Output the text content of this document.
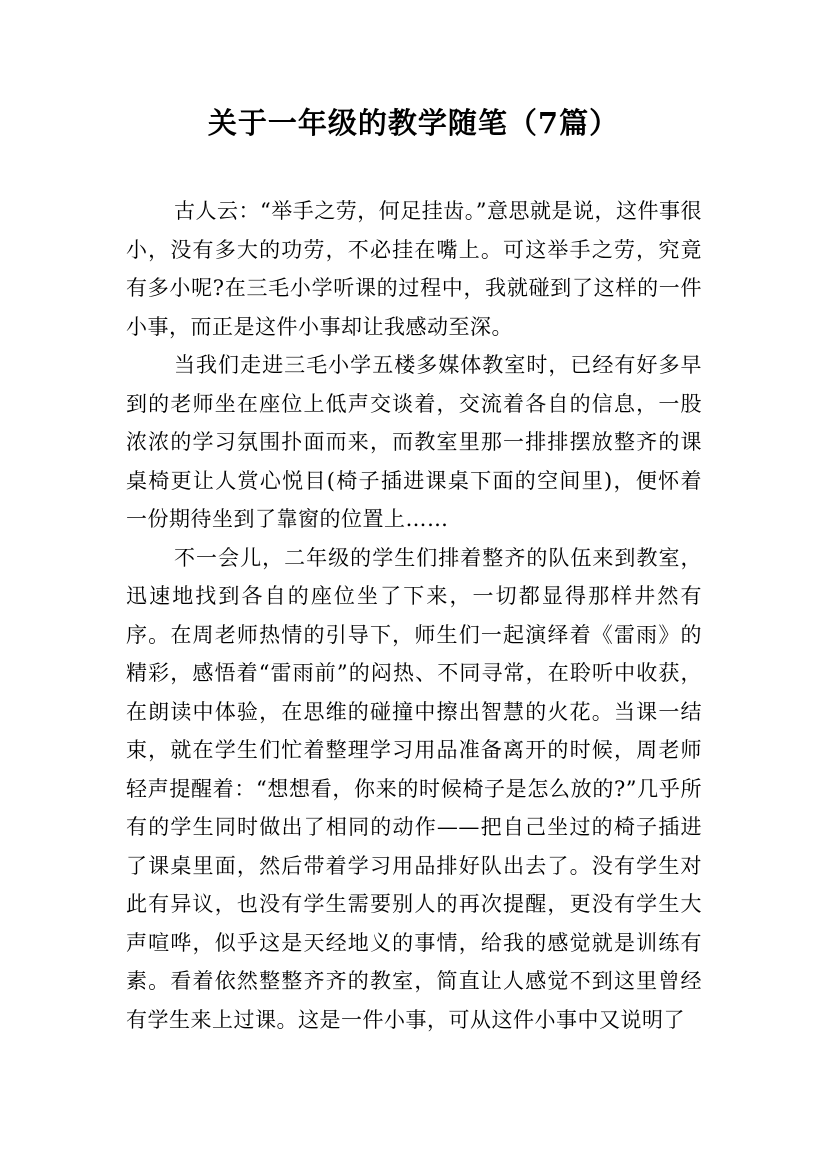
关于一年级的教学随笔（7篇）

古人云：“举手之劳，何足挂齿。”意思就是说，这件事很小，没有多大的功劳，不必挂在嘴上。可这举手之劳，究竟有多小呢?在三毛小学听课的过程中，我就碰到了这样的一件小事，而正是这件小事却让我感动至深。

当我们走进三毛小学五楼多媒体教室时，已经有好多早到的老师坐在座位上低声交谈着，交流着各自的信息，一股浓浓的学习氛围扑面而来，而教室里那一排排摆放整齐的课桌椅更让人赏心悦目(椅子插进课桌下面的空间里)，便怀着一份期待坐到了靠窗的位置上……

不一会儿，二年级的学生们排着整齐的队伍来到教室，迅速地找到各自的座位坐了下来，一切都显得那样井然有序。在周老师热情的引导下，师生们一起演绎着《雷雨》的精彩，感悟着“雷雨前”的闷热、不同寻常，在聆听中收获，在朗读中体验，在思维的碰撞中擦出智慧的火花。当课一结束，就在学生们忙着整理学习用品准备离开的时候，周老师轻声提醒着：“想想看，你来的时候椅子是怎么放的?”几乎所有的学生同时做出了相同的动作——把自己坐过的椅子插进了课桌里面，然后带着学习用品排好队出去了。没有学生对此有异议，也没有学生需要别人的再次提醒，更没有学生大声喧哗，似乎这是天经地义的事情，给我的感觉就是训练有素。看着依然整整齐齐的教室，简直让人感觉不到这里曾经有学生来上过课。这是一件小事，可从这件小事中又说明了
